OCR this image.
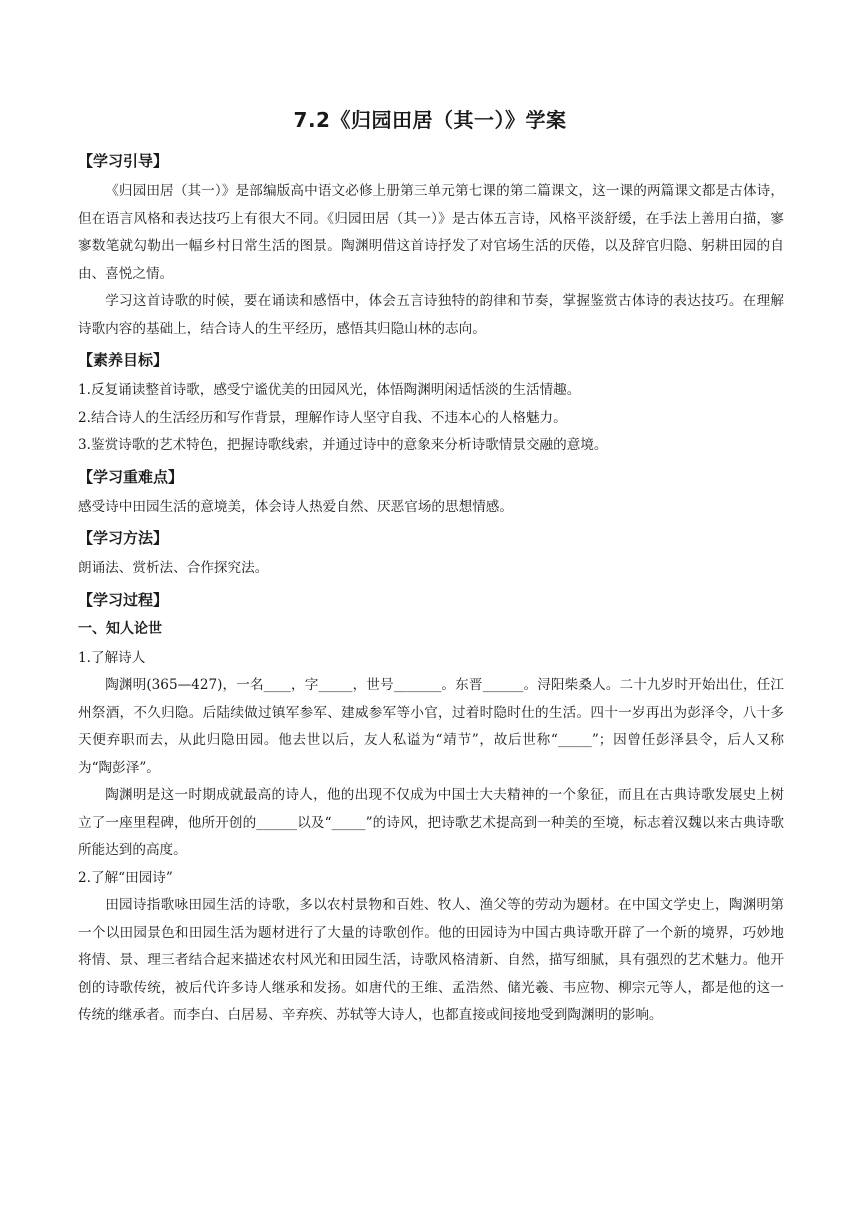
7.2《归园田居（其一）》学案
【学习引导】

《归园田居（其一）》是部编版高中语文必修上册第三单元第七课的第二篇课文，这一课的两篇课文都是古体诗，但在语言风格和表达技巧上有很大不同。《归园田居（其一）》是古体五言诗，风格平淡舒缓，在手法上善用白描，寥寥数笔就勾勒出一幅乡村日常生活的图景。陶渊明借这首诗抒发了对官场生活的厌倦，以及辞官归隐、躬耕田园的自由、喜悦之情。

学习这首诗歌的时候，要在诵读和感悟中，体会五言诗独特的韵律和节奏，掌握鉴赏古体诗的表达技巧。在理解诗歌内容的基础上，结合诗人的生平经历，感悟其归隐山林的志向。

【素养目标】

1.反复诵读整首诗歌，感受宁谧优美的田园风光，体悟陶渊明闲适恬淡的生活情趣。

2.结合诗人的生活经历和写作背景，理解作诗人坚守自我、不违本心的人格魅力。

3.鉴赏诗歌的艺术特色，把握诗歌线索，并通过诗中的意象来分析诗歌情景交融的意境。

【学习重难点】

感受诗中田园生活的意境美，体会诗人热爱自然、厌恶官场的思想情感。

【学习方法】

朗诵法、赏析法、合作探究法。

【学习过程】
一、知人论世

1.了解诗人

陶渊明(365—427)，一名____，字_____，世号_______。东晋______。浔阳柴桑人。二十九岁时开始出仕，任江州祭酒，不久归隐。后陆续做过镇军参军、建威参军等小官，过着时隐时仕的生活。四十一岁再出为彭泽令，八十多天便弃职而去，从此归隐田园。他去世以后，友人私谥为“靖节”，故后世称“_____”；因曾任彭泽县令，后人又称为“陶彭泽”。

陶渊明是这一时期成就最高的诗人，他的出现不仅成为中国士大夫精神的一个象征，而且在古典诗歌发展史上树立了一座里程碑，他所开创的______以及“_____”的诗风，把诗歌艺术提高到一种美的至境，标志着汉魏以来古典诗歌所能达到的高度。

2.了解“田园诗”

田园诗指歌咏田园生活的诗歌，多以农村景物和百姓、牧人、渔父等的劳动为题材。在中国文学史上，陶渊明第一个以田园景色和田园生活为题材进行了大量的诗歌创作。他的田园诗为中国古典诗歌开辟了一个新的境界，巧妙地将情、景、理三者结合起来描述农村风光和田园生活，诗歌风格清新、自然，描写细腻，具有强烈的艺术魅力。他开创的诗歌传统，被后代许多诗人继承和发扬。如唐代的王维、孟浩然、储光羲、韦应物、柳宗元等人，都是他的这一传统的继承者。而李白、白居易、辛弃疾、苏轼等大诗人，也都直接或间接地受到陶渊明的影响。
